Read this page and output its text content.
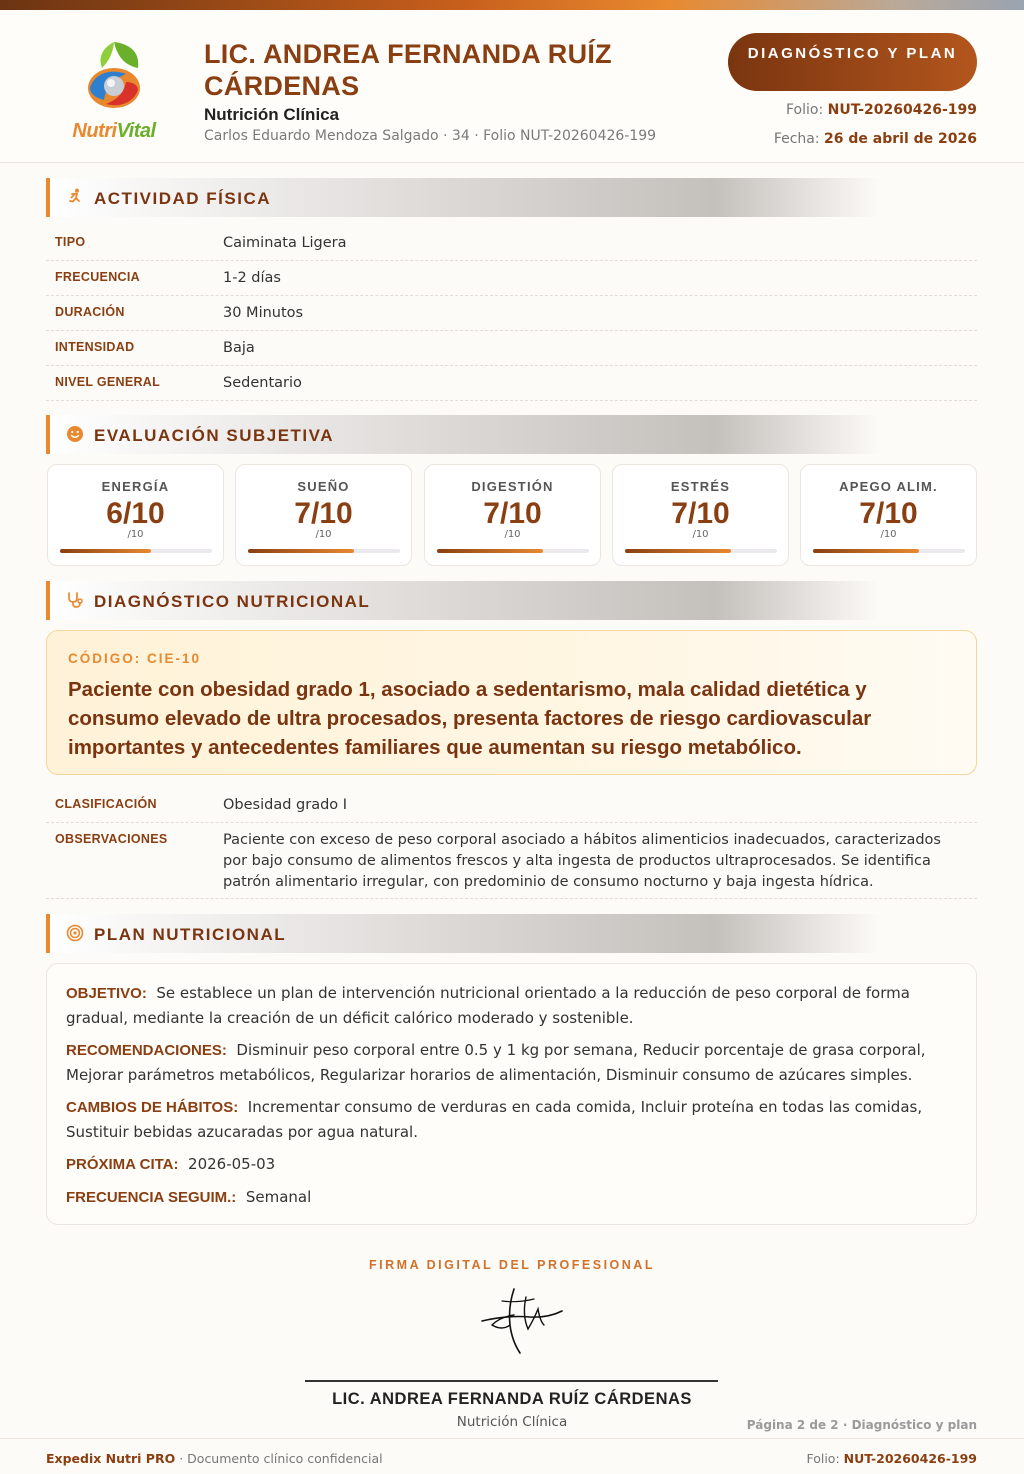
NutriVital
LIC. ANDREA FERNANDA RUÍZ CÁRDENAS
Nutrición Clínica
Carlos Eduardo Mendoza Salgado · 34 · Folio NUT-20260426-199
DIAGNÓSTICO Y PLAN
Folio: NUT-20260426-199
Fecha: 26 de abril de 2026
ACTIVIDAD FÍSICA
TIPO	Caiminata Ligera
FRECUENCIA	1-2 días
DURACIÓN	30 Minutos
INTENSIDAD	Baja
NIVEL GENERAL	Sedentario
EVALUACIÓN SUBJETIVA
ENERGÍA
6/10
/10
SUEÑO
7/10
/10
DIGESTIÓN
7/10
/10
ESTRÉS
7/10
/10
APEGO ALIM.
7/10
/10
DIAGNÓSTICO NUTRICIONAL
CÓDIGO: CIE-10
Paciente con obesidad grado 1, asociado a sedentarismo, mala calidad dietética y consumo elevado de ultra procesados, presenta factores de riesgo cardiovascular importantes y antecedentes familiares que aumentan su riesgo metabólico.
CLASIFICACIÓN	Obesidad grado I
OBSERVACIONES	Paciente con exceso de peso corporal asociado a hábitos alimenticios inadecuados, caracterizados por bajo consumo de alimentos frescos y alta ingesta de productos ultraprocesados. Se identifica patrón alimentario irregular, con predominio de consumo nocturno y baja ingesta hídrica.
PLAN NUTRICIONAL
OBJETIVO: Se establece un plan de intervención nutricional orientado a la reducción de peso corporal de forma gradual, mediante la creación de un déficit calórico moderado y sostenible.
RECOMENDACIONES: Disminuir peso corporal entre 0.5 y 1 kg por semana, Reducir porcentaje de grasa corporal, Mejorar parámetros metabólicos, Regularizar horarios de alimentación, Disminuir consumo de azúcares simples.
CAMBIOS DE HÁBITOS: Incrementar consumo de verduras en cada comida, Incluir proteína en todas las comidas, Sustituir bebidas azucaradas por agua natural.
PRÓXIMA CITA: 2026-05-03
FRECUENCIA SEGUIM.: Semanal
FIRMA DIGITAL DEL PROFESIONAL
LIC. ANDREA FERNANDA RUÍZ CÁRDENAS
Nutrición Clínica	Página 2 de 2 · Diagnóstico y plan
Expedix Nutri PRO · Documento clínico confidencial	Folio: NUT-20260426-199
